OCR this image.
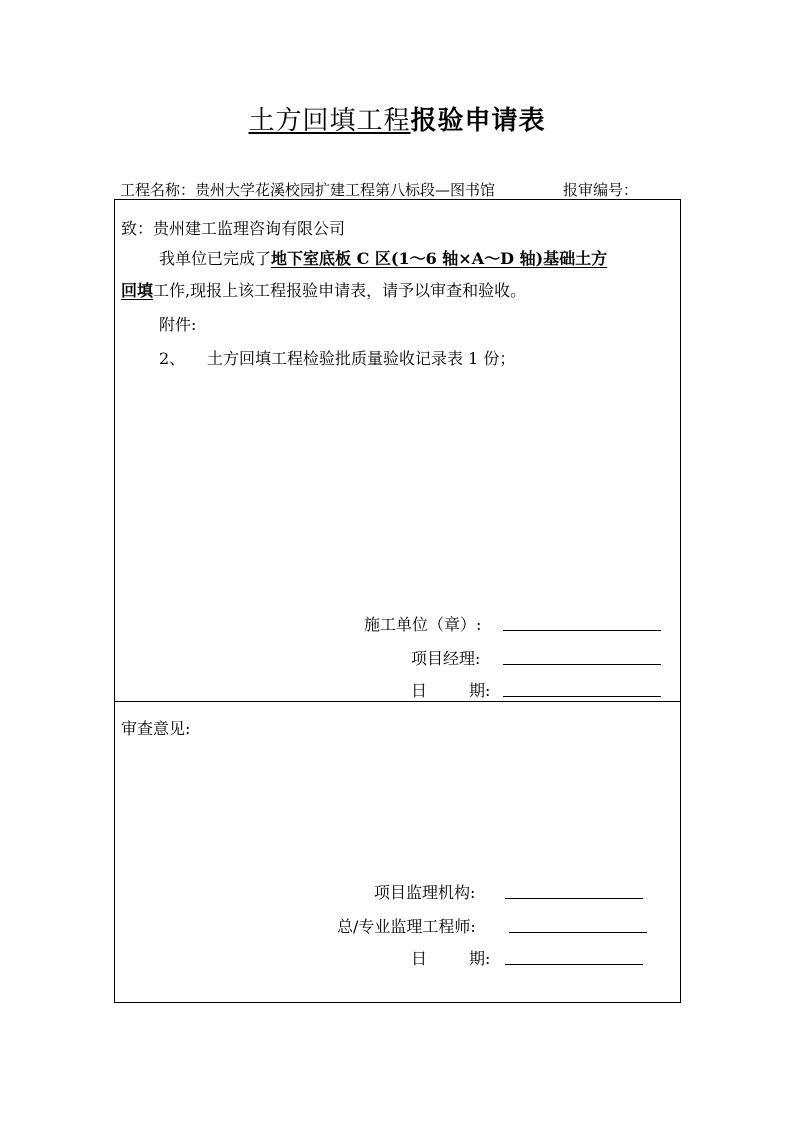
土方回填工程报验申请表
工程名称：贵州大学花溪校园扩建工程第八标段—图书馆	报审编号：
致：贵州建工监理咨询有限公司
我单位已完成了地下室底板 C 区(1～6 轴×A～D 轴)基础土方
回填工作,现报上该工程报验申请表，请予以审查和验收。
附件:
2、 土方回填工程检验批质量验收记录表 1 份；
施工单位（章）:
项目经理:
日	期:
审查意见:
项目监理机构:
总/专业监理工程师:
日	期:
